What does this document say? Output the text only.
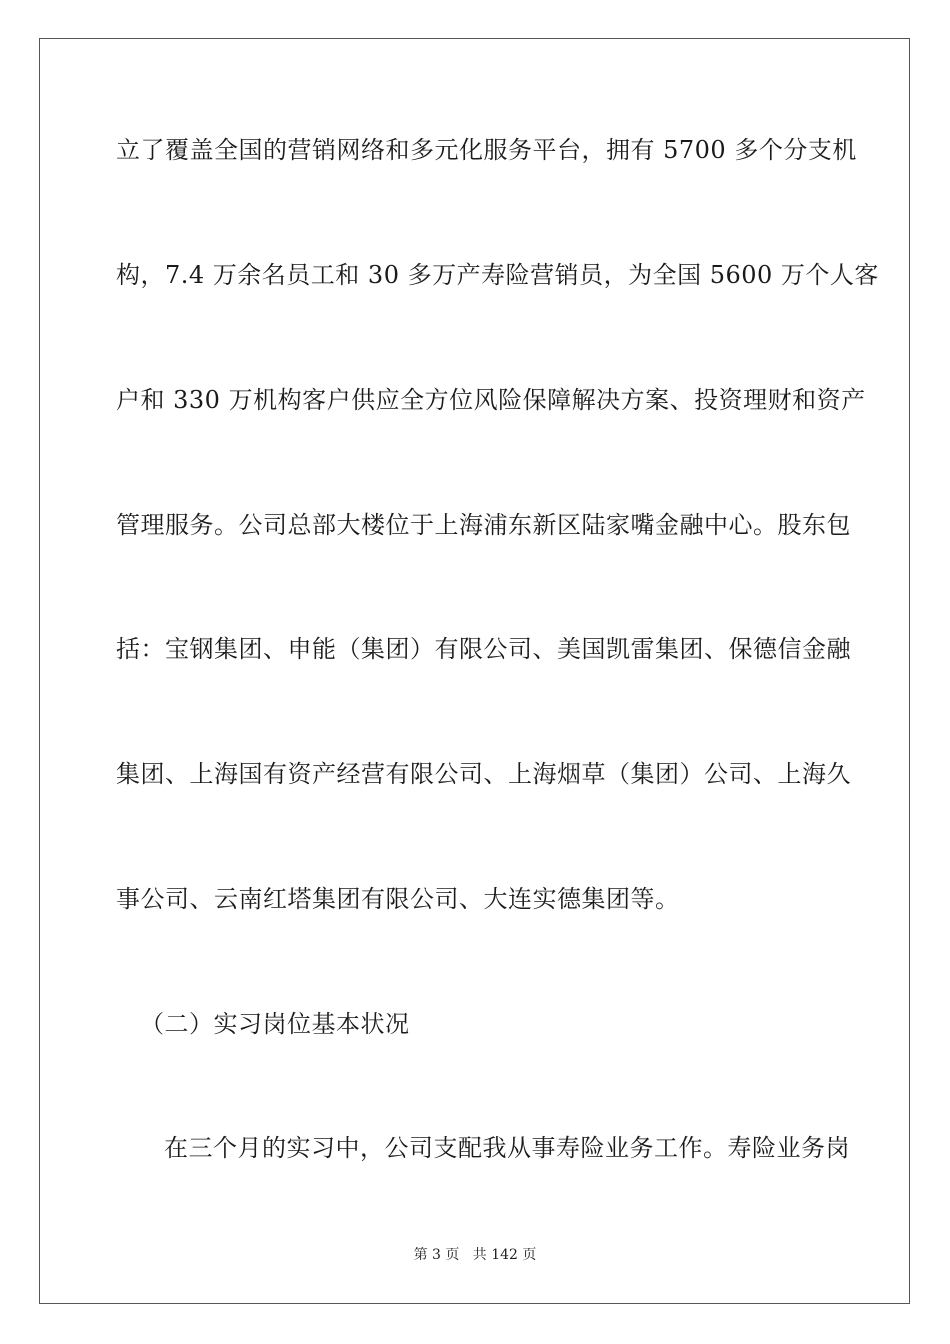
立了覆盖全国的营销网络和多元化服务平台，拥有 5700 多个分支机
构，7.4 万余名员工和 30 多万产寿险营销员，为全国 5600 万个人客
户和 330 万机构客户供应全方位风险保障解决方案、投资理财和资产
管理服务。公司总部大楼位于上海浦东新区陆家嘴金融中心。股东包
括：宝钢集团、申能（集团）有限公司、美国凯雷集团、保德信金融
集团、上海国有资产经营有限公司、上海烟草（集团）公司、上海久
事公司、云南红塔集团有限公司、大连实德集团等。
（二）实习岗位基本状况
在三个月的实习中，公司支配我从事寿险业务工作。寿险业务岗
第 3 页 共 142 页
